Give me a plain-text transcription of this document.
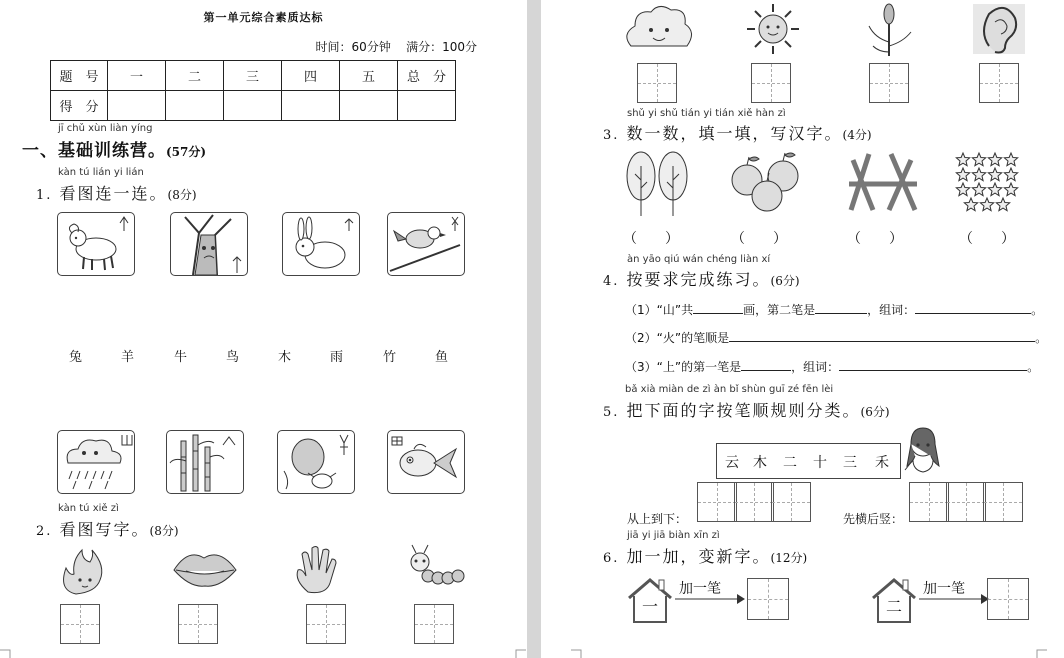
第一单元综合素质达标
时间：60分钟 满分：100分
题　号	一	二	三	四	五	总　分
得　分						
jī chǔ xùn liàn yíng
一、基础训练营。(57分)
kàn tú lián yi lián
1. 看图连一连。(8分)
兔	羊	牛	鸟	木	雨	竹	鱼
kàn tú xiě zì
2. 看图写字。(8分)
shǔ yi shǔ tián yi tián xiě hàn zì
3. 数一数，填一填，写汉字。(4分)
（　　）	（　　）	（　　）	（　　）
àn yāo qiú wán chéng liàn xí
4. 按要求完成练习。(6分)
（1）“山”共	画，第二笔是	，组词：	。
（2）“火”的笔顺是	。
（3）“上”的第一笔是	，组词：	。
bǎ xià miàn de zì àn bǐ shùn guī zé fēn lèi
5. 把下面的字按笔顺规则分类。(6分)
云 木 二 十 三 禾
从上到下：	先横后竖：
jiā yi jiā biàn xīn zì
6. 加一加，变新字。(12分)
一
加一笔
二
加一笔
